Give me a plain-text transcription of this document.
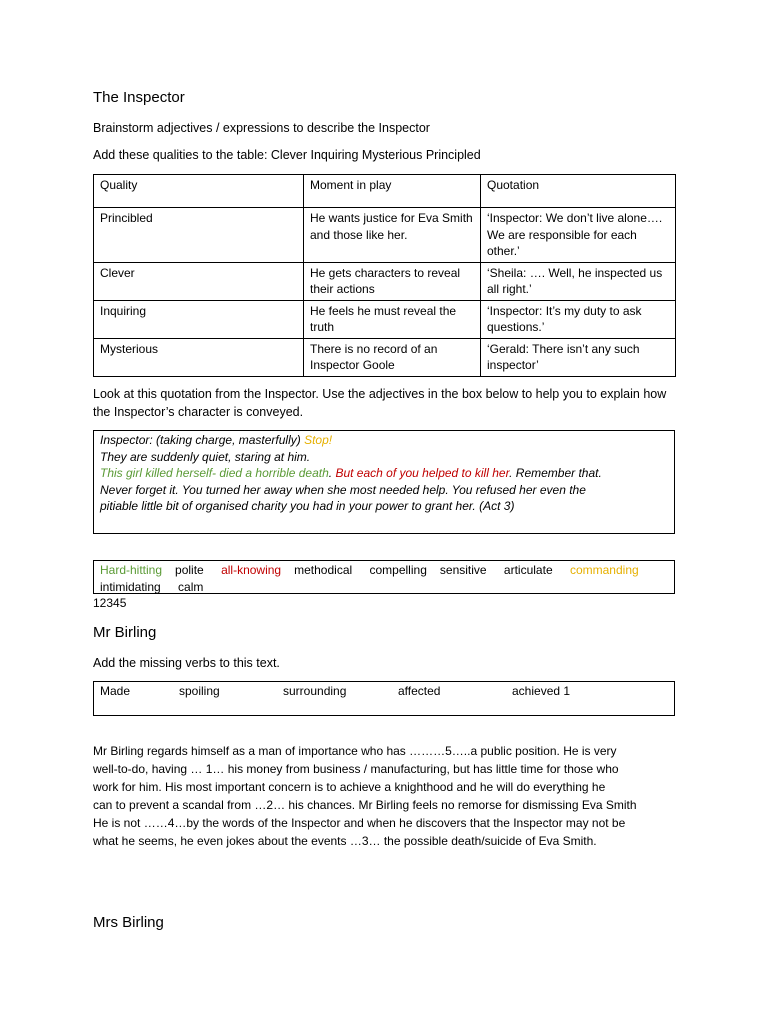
The Inspector
Brainstorm adjectives / expressions to describe the Inspector
Add these qualities to the table: Clever Inquiring Mysterious Principled
Quality	Moment in play	Quotation
Princibled	He wants justice for Eva Smith and those like her.	‘Inspector: We don’t live alone…. We are responsible for each other.’
Clever	He gets characters to reveal their actions	‘Sheila: …. Well, he inspected us all right.’
Inquiring	He feels he must reveal the truth	‘Inspector: It’s my duty to ask questions.’
Mysterious	There is no record of an Inspector Goole	‘Gerald: There isn’t any such inspector’
Look at this quotation from the Inspector. Use the adjectives in the box below to help you to explain how the Inspector’s character is conveyed.
Inspector: (taking charge, masterfully) Stop!
They are suddenly quiet, staring at him.
This girl killed herself- died a horrible death. But each of you helped to kill her. Remember that.
Never forget it. You turned her away when she most needed help. You refused her even the
pitiable little bit of organised charity you had in your power to grant her. (Act 3)
Hard-hitting polite all-knowing methodical compelling sensitive articulate commanding
intimidating calm
12345
Mr Birling
Add the missing verbs to this text.
Made	spoiling	surrounding	affected	achieved 1
Mr Birling regards himself as a man of importance who has ………5…..a public position. He is very
well-to-do, having … 1… his money from business / manufacturing, but has little time for those who
work for him. His most important concern is to achieve a knighthood and he will do everything he
can to prevent a scandal from …2… his chances. Mr Birling feels no remorse for dismissing Eva Smith
He is not ……4…by the words of the Inspector and when he discovers that the Inspector may not be
what he seems, he even jokes about the events …3… the possible death/suicide of Eva Smith.
Mrs Birling
